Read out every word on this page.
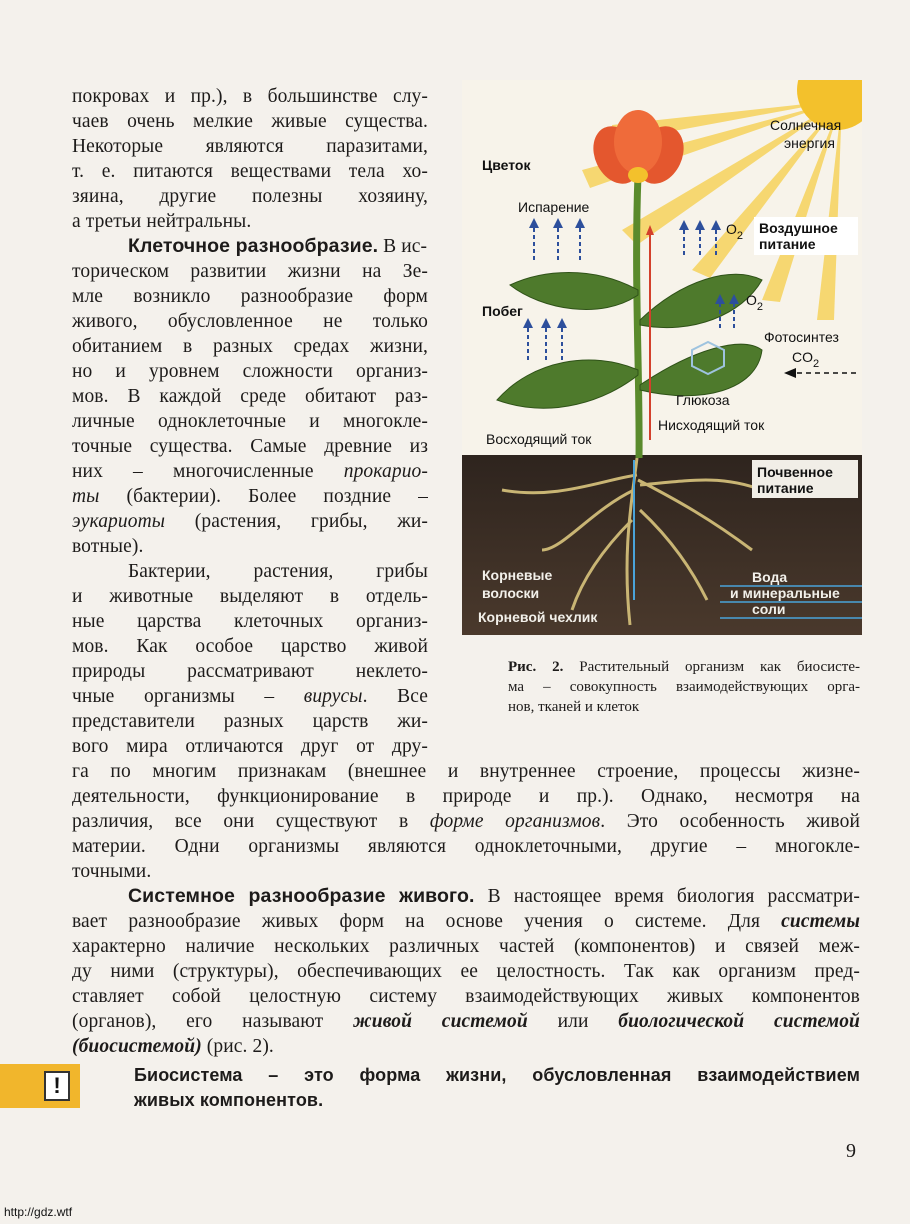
покровах и пр.), в большинстве слу-
чаев очень мелкие живые существа.
Некоторые являются паразитами,
т. е. питаются веществами тела хо-
зяина, другие полезны хозяину,
а третьи нейтральны.
Клеточное разнообразие. В ис-
торическом развитии жизни на Зе-
мле возникло разнообразие форм
живого, обусловленное не только
обитанием в разных средах жизни,
но и уровнем сложности организ-
мов. В каждой среде обитают раз-
личные одноклеточные и многокле-
точные существа. Самые древние из
них – многочисленные прокарио-
ты (бактерии). Более поздние –
эукариоты (растения, грибы, жи-
вотные).
Бактерии, растения, грибы
и животные выделяют в отдель-
ные царства клеточных организ-
мов. Как особое царство живой
природы рассматривают неклето-
чные организмы – вирусы. Все
представители разных царств жи-
вого мира отличаются друг от дру-
га по многим признакам (внешнее и внутреннее строение, процессы жизне-
деятельности, функционирование в природе и пр.). Однако, несмотря на
различия, все они существуют в форме организмов. Это особенность живой
материи. Одни организмы являются одноклеточными, другие – многокле-
точными.
Системное разнообразие живого. В настоящее время биология рассматри-
вает разнообразие живых форм на основе учения о системе. Для системы
характерно наличие нескольких различных частей (компонентов) и связей меж-
ду ними (структуры), обеспечивающих ее целостность. Так как организм пред-
ставляет собой целостную систему взаимодействующих живых компонентов
(органов), его называют живой системой или биологической системой
(биосистемой) (рис. 2).
!	Биосистема – это форма жизни, обусловленная взаимодействием
живых компонентов.
Цветок
Испарение
Солнечная
энергия
Воздушное
питание
$O_2$
$O_2$
Побег
Фотосинтез
$CO_2$
Глюкоза
Восходящий ток
Нисходящий ток
Почвенное
питание
Корневые
волоски
Корневой чехлик
Вода
и минеральные
соли
Рис. 2. Растительный организм как биосисте-
ма – совокупность взаимодействующих орга-
нов, тканей и клеток
9
http://gdz.wtf
